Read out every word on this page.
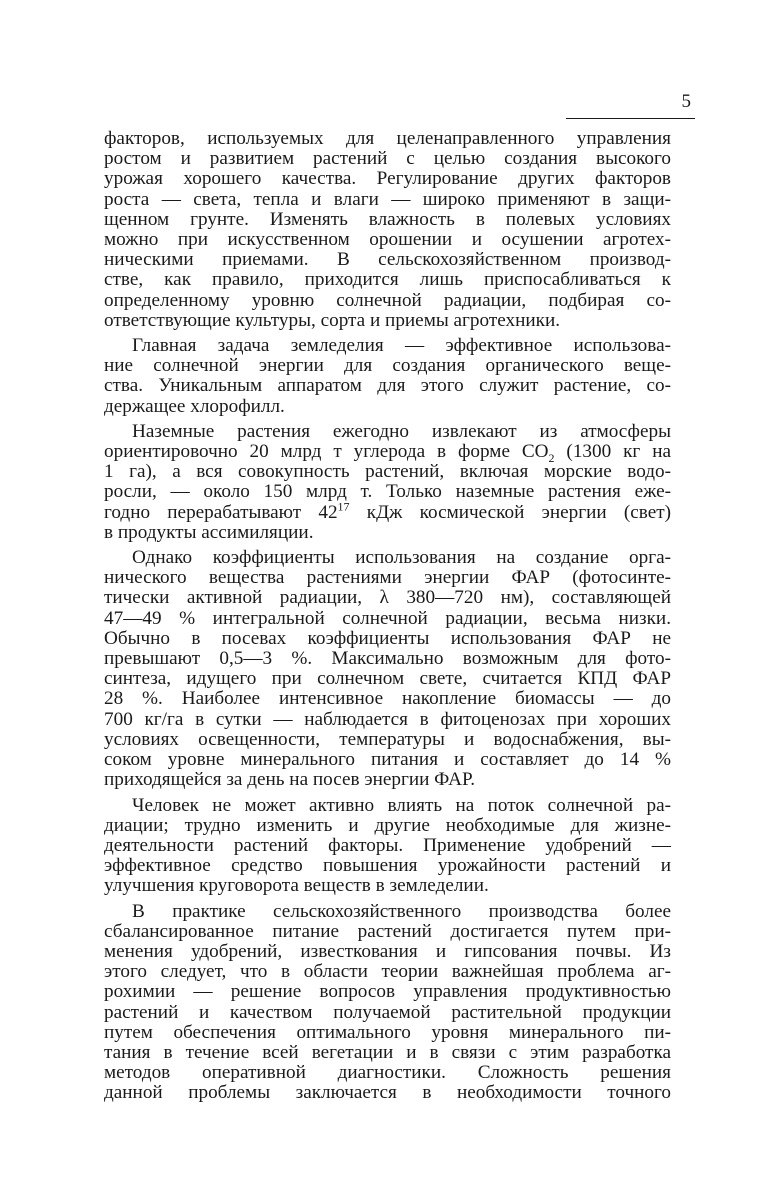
5

факторов, используемых для целенаправленного управления
ростом и развитием растений с целью создания высокого
урожая хорошего качества. Регулирование других факторов
роста — света, тепла и влаги — широко применяют в защи-
щенном грунте. Изменять влажность в полевых условиях
можно при искусственном орошении и осушении агротех-
ническими приемами. В сельскохозяйственном производ-
стве, как правило, приходится лишь приспосабливаться к
определенному уровню солнечной радиации, подбирая со-
ответствующие культуры, сорта и приемы агротехники.

Главная задача земледелия — эффективное использова-
ние солнечной энергии для создания органического веще-
ства. Уникальным аппаратом для этого служит растение, со-
держащее хлорофилл.

Наземные растения ежегодно извлекают из атмосферы
ориентировочно 20 млрд т углерода в форме $CO_2$ (1300 кг на
1 га), а вся совокупность растений, включая морские водо-
росли, — около 150 млрд т. Только наземные растения еже-
годно перерабатывают $42^{17}$ кДж космической энергии (свет)
в продукты ассимиляции.

Однако коэффициенты использования на создание орга-
нического вещества растениями энергии ФАР (фотосинте-
тически активной радиации, λ 380—720 нм), составляющей
47—49 % интегральной солнечной радиации, весьма низки.
Обычно в посевах коэффициенты использования ФАР не
превышают 0,5—3 %. Максимально возможным для фото-
синтеза, идущего при солнечном свете, считается КПД ФАР
28 %. Наиболее интенсивное накопление биомассы — до
700 кг/га в сутки — наблюдается в фитоценозах при хороших
условиях освещенности, температуры и водоснабжения, вы-
соком уровне минерального питания и составляет до 14 %
приходящейся за день на посев энергии ФАР.

Человек не может активно влиять на поток солнечной ра-
диации; трудно изменить и другие необходимые для жизне-
деятельности растений факторы. Применение удобрений —
эффективное средство повышения урожайности растений и
улучшения круговорота веществ в земледелии.

В практике сельскохозяйственного производства более
сбалансированное питание растений достигается путем при-
менения удобрений, известкования и гипсования почвы. Из
этого следует, что в области теории важнейшая проблема аг-
рохимии — решение вопросов управления продуктивностью
растений и качеством получаемой растительной продукции
путем обеспечения оптимального уровня минерального пи-
тания в течение всей вегетации и в связи с этим разработка
методов оперативной диагностики. Сложность решения
данной проблемы заключается в необходимости точного
